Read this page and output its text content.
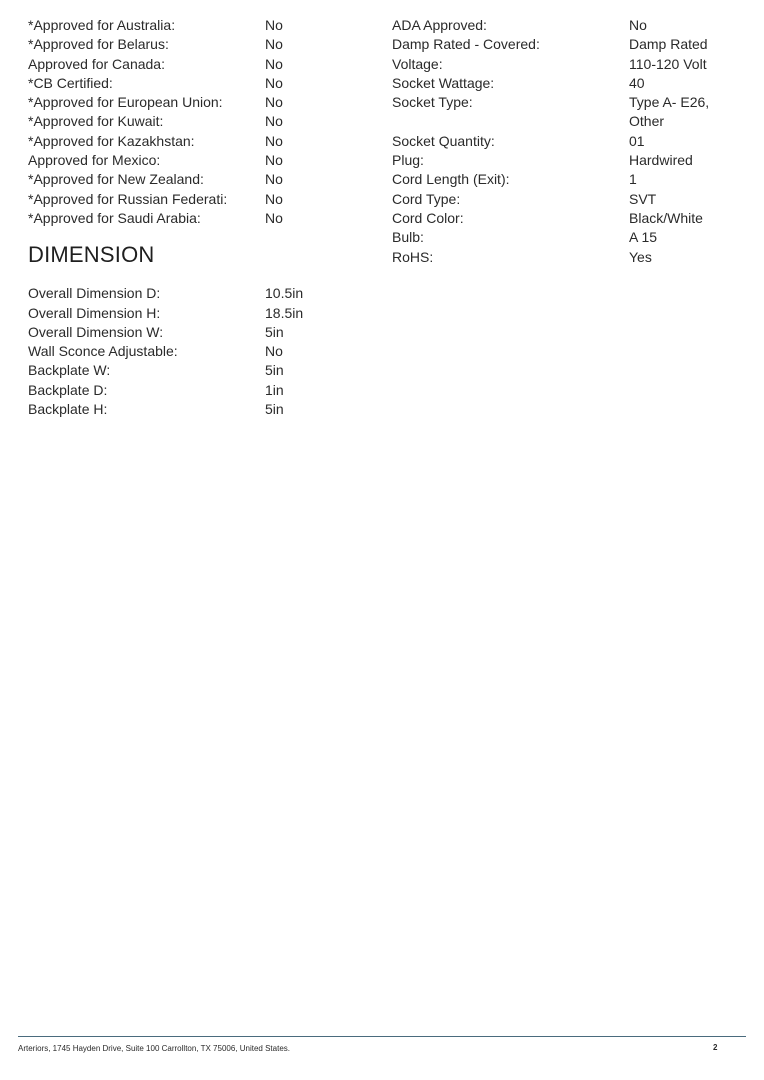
*Approved for Australia:	No
*Approved for Belarus:	No
Approved for Canada:	No
*CB Certified:	No
*Approved for European Union:	No
*Approved for Kuwait:	No
*Approved for Kazakhstan:	No
Approved for Mexico:	No
*Approved for New Zealand:	No
*Approved for Russian Federati:	No
*Approved for Saudi Arabia:	No
DIMENSION
Overall Dimension D:	10.5in
Overall Dimension H:	18.5in
Overall Dimension W:	5in
Wall Sconce Adjustable:	No
Backplate W:	5in
Backplate D:	1in
Backplate H:	5in
ADA Approved:	No
Damp Rated - Covered:	Damp Rated
Voltage:	110-120 Volt
Socket Wattage:	40
Socket Type:	Type A- E26, Other
Socket Quantity:	01
Plug:	Hardwired
Cord Length (Exit):	1
Cord Type:	SVT
Cord Color:	Black/White
Bulb:	A 15
RoHS:	Yes
Arteriors, 1745 Hayden Drive, Suite 100 Carrollton, TX 75006, United States.	2
